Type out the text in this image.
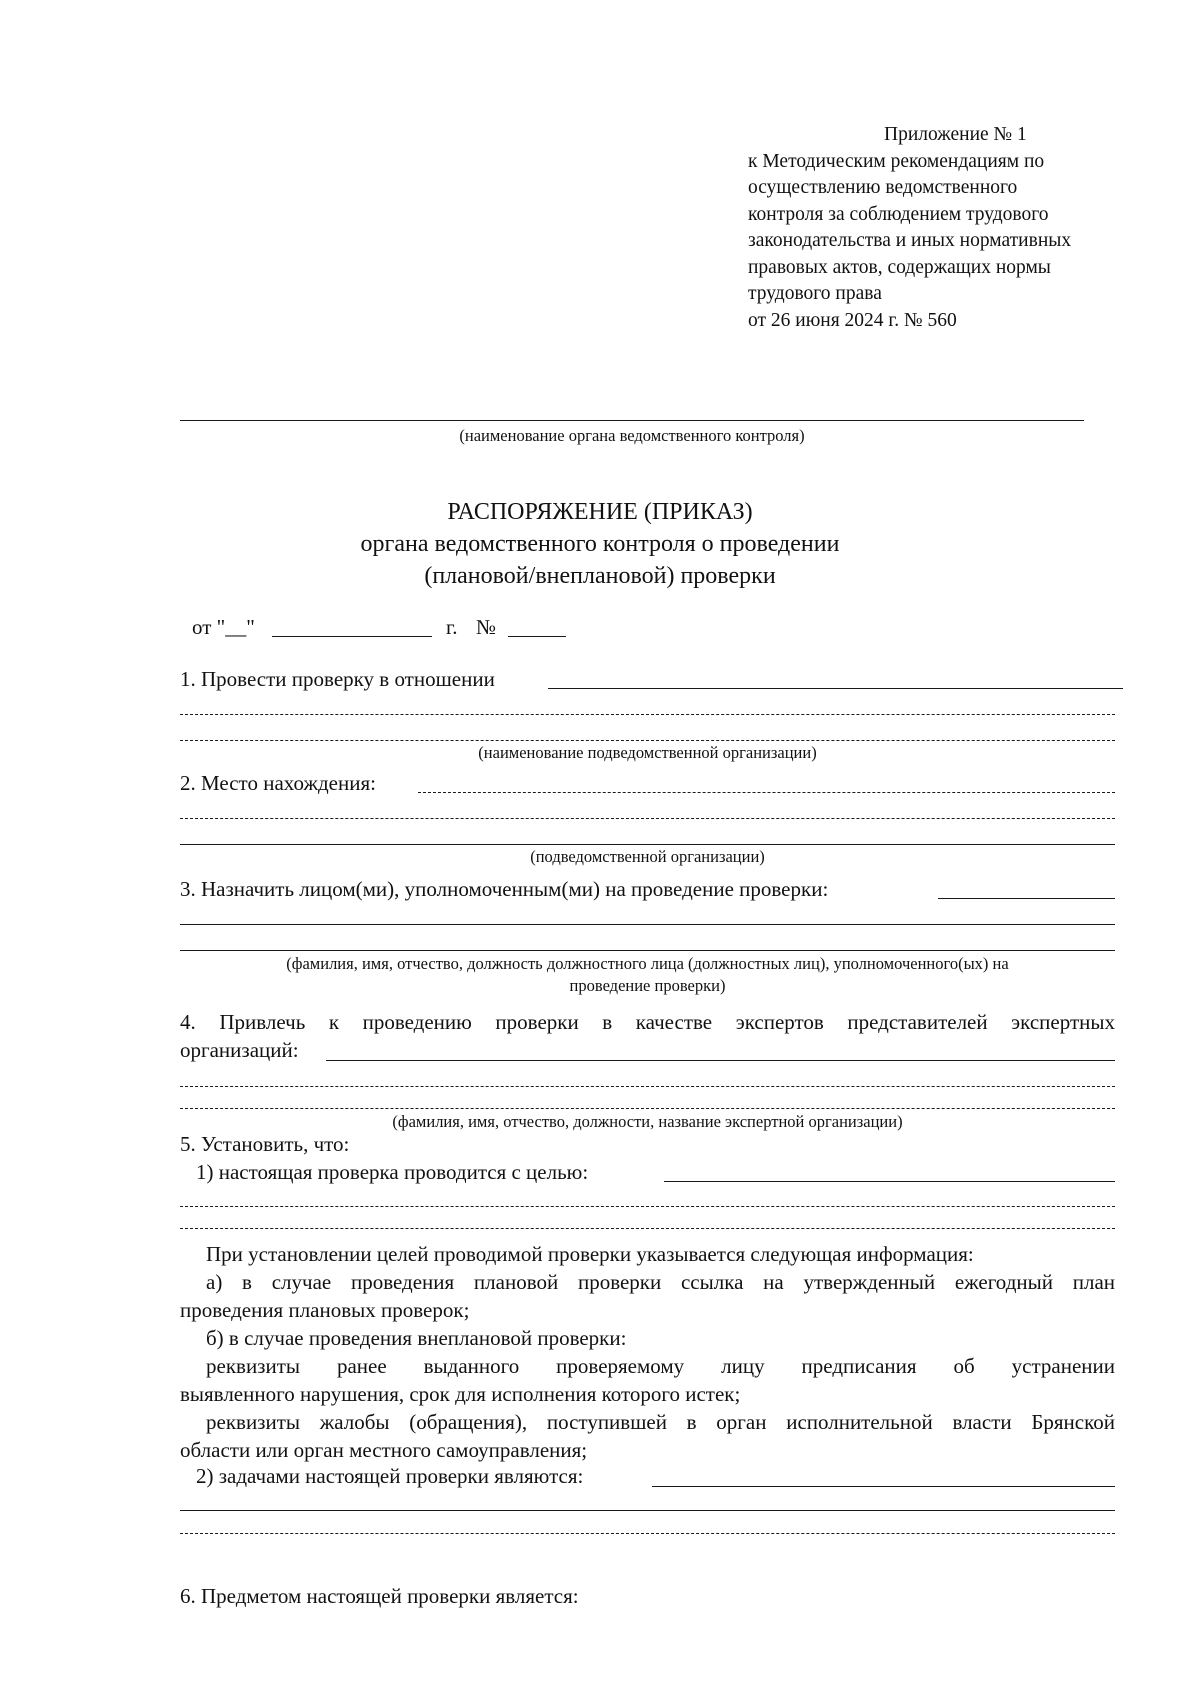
Приложение № 1
к Методическим рекомендациям по
осуществлению ведомственного
контроля за соблюдением трудового
законодательства и иных нормативных
правовых актов, содержащих нормы
трудового права
от 26 июня 2024 г. № 560
(наименование органа ведомственного контроля)
РАСПОРЯЖЕНИЕ (ПРИКАЗ)
органа ведомственного контроля о проведении
(плановой/внеплановой) проверки
от "__"	г. №
1. Провести проверку в отношении
(наименование подведомственной организации)
2. Место нахождения:
(подведомственной организации)
3. Назначить лицом(ми), уполномоченным(ми) на проведение проверки:
(фамилия, имя, отчество, должность должностного лица (должностных лиц), уполномоченного(ых) на
проведение проверки)
4. Привлечь к проведению проверки в качестве экспертов представителей экспертных
организаций:
(фамилия, имя, отчество, должности, название экспертной организации)
5. Установить, что:
1) настоящая проверка проводится с целью:
При установлении целей проводимой проверки указывается следующая информация:
а) в случае проведения плановой проверки ссылка на утвержденный ежегодный план
проведения плановых проверок;
б) в случае проведения внеплановой проверки:
реквизиты ранее выданного проверяемому лицу предписания об устранении
выявленного нарушения, срок для исполнения которого истек;
реквизиты жалобы (обращения), поступившей в орган исполнительной власти Брянской
области или орган местного самоуправления;
2) задачами настоящей проверки являются:
6. Предметом настоящей проверки является:
